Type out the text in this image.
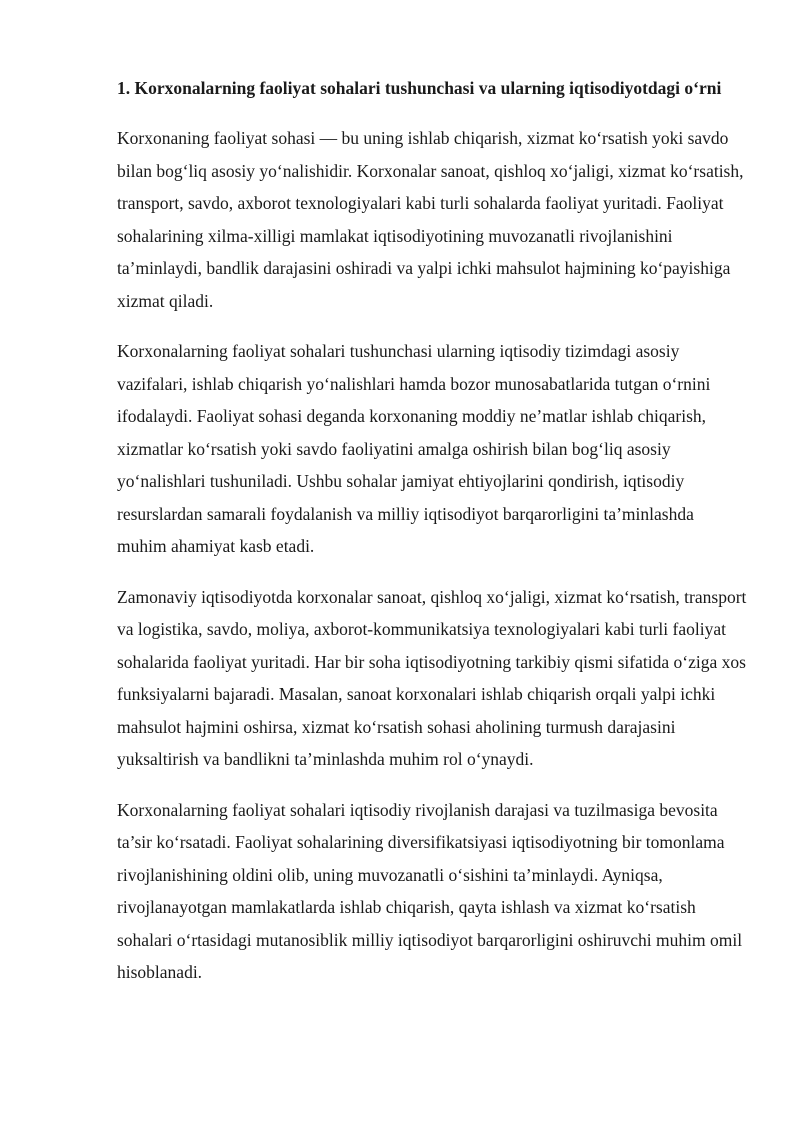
1. Korxonalarning faoliyat sohalari tushunchasi va ularning iqtisodiyotdagi o‘rni

Korxonaning faoliyat sohasi — bu uning ishlab chiqarish, xizmat ko‘rsatish yoki savdo bilan bog‘liq asosiy yo‘nalishidir. Korxonalar sanoat, qishloq xo‘jaligi, xizmat ko‘rsatish, transport, savdo, axborot texnologiyalari kabi turli sohalarda faoliyat yuritadi. Faoliyat sohalarining xilma-xilligi mamlakat iqtisodiyotining muvozanatli rivojlanishini ta’minlaydi, bandlik darajasini oshiradi va yalpi ichki mahsulot hajmining ko‘payishiga xizmat qiladi.

Korxonalarning faoliyat sohalari tushunchasi ularning iqtisodiy tizimdagi asosiy vazifalari, ishlab chiqarish yo‘nalishlari hamda bozor munosabatlarida tutgan o‘rnini ifodalaydi. Faoliyat sohasi deganda korxonaning moddiy ne’matlar ishlab chiqarish, xizmatlar ko‘rsatish yoki savdo faoliyatini amalga oshirish bilan bog‘liq asosiy yo‘nalishlari tushuniladi. Ushbu sohalar jamiyat ehtiyojlarini qondirish, iqtisodiy resurslardan samarali foydalanish va milliy iqtisodiyot barqarorligini ta’minlashda muhim ahamiyat kasb etadi.

Zamonaviy iqtisodiyotda korxonalar sanoat, qishloq xo‘jaligi, xizmat ko‘rsatish, transport va logistika, savdo, moliya, axborot-kommunikatsiya texnologiyalari kabi turli faoliyat sohalarida faoliyat yuritadi. Har bir soha iqtisodiyotning tarkibiy qismi sifatida o‘ziga xos funksiyalarni bajaradi. Masalan, sanoat korxonalari ishlab chiqarish orqali yalpi ichki mahsulot hajmini oshirsa, xizmat ko‘rsatish sohasi aholining turmush darajasini yuksaltirish va bandlikni ta’minlashda muhim rol o‘ynaydi.

Korxonalarning faoliyat sohalari iqtisodiy rivojlanish darajasi va tuzilmasiga bevosita ta’sir ko‘rsatadi. Faoliyat sohalarining diversifikatsiyasi iqtisodiyotning bir tomonlama rivojlanishining oldini olib, uning muvozanatli o‘sishini ta’minlaydi. Ayniqsa, rivojlanayotgan mamlakatlarda ishlab chiqarish, qayta ishlash va xizmat ko‘rsatish sohalari o‘rtasidagi mutanosiblik milliy iqtisodiyot barqarorligini oshiruvchi muhim omil hisoblanadi.
